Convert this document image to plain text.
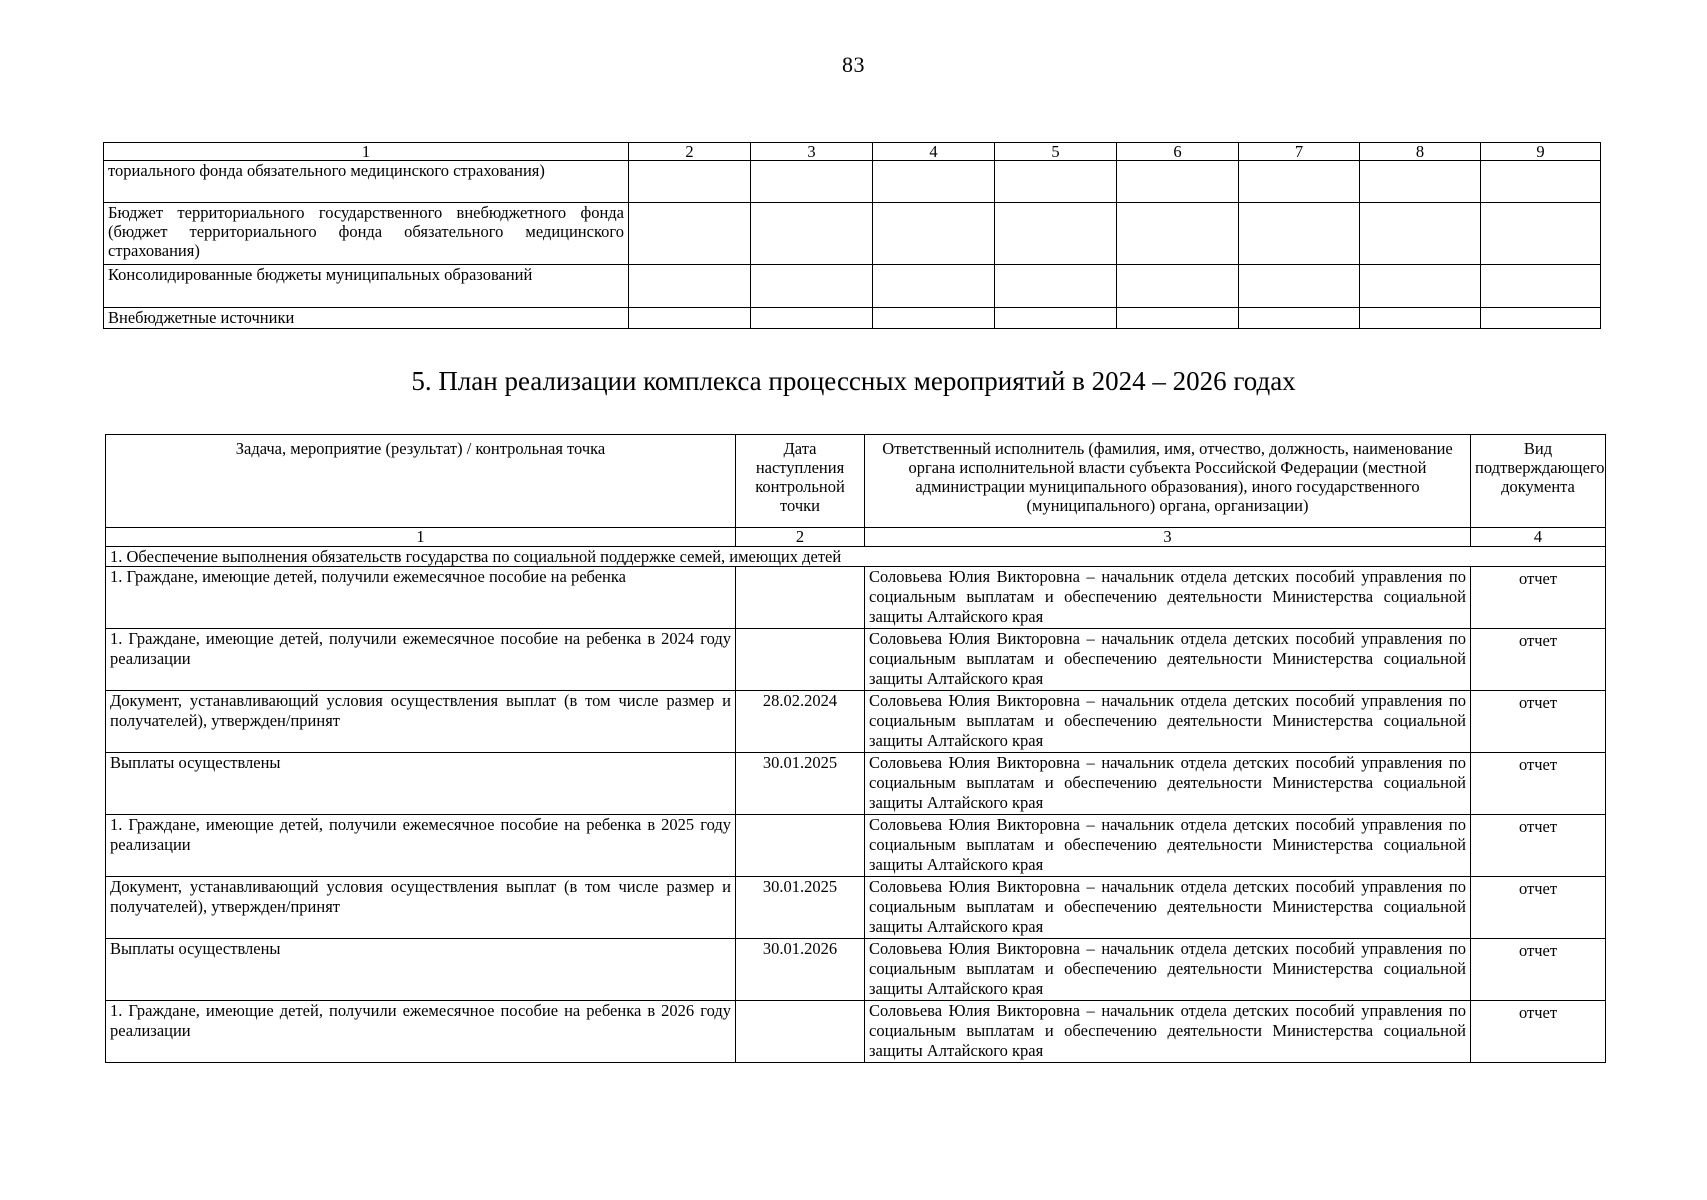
83
1	2	3	4	5	6	7	8	9
ториального фонда обязательного медицинского страхования)								
Бюджет территориального государственного внебюджетного фонда (бюджет территориального фонда обязательного медицинского страхования)								
Консолидированные бюджеты муниципальных образований								
Внебюджетные источники								
5. План реализации комплекса процессных мероприятий в 2024 – 2026 годах
Задача, мероприятие (результат) / контрольная точка	Дата наступления контрольной точки	Ответственный исполнитель (фамилия, имя, отчество, должность, наименование органа исполнительной власти субъекта Российской Федерации (местной администрации муниципального образования), иного государственного (муниципального) органа, организации)	Вид подтверждающего документа
1	2	3	4
1. Обеспечение выполнения обязательств государства по социальной поддержке семей, имеющих детей			
1. Граждане, имеющие детей, получили ежемесячное пособие на ребенка		Соловьева Юлия Викторовна – начальник отдела детских пособий управления по социальным выплатам и обеспечению деятельности Министерства социальной защиты Алтайского края	отчет
1. Граждане, имеющие детей, получили ежемесячное пособие на ребенка в 2024 году реализации		Соловьева Юлия Викторовна – начальник отдела детских пособий управления по социальным выплатам и обеспечению деятельности Министерства социальной защиты Алтайского края	отчет
Документ, устанавливающий условия осуществления выплат (в том числе размер и получателей), утвержден/принят	28.02.2024	Соловьева Юлия Викторовна – начальник отдела детских пособий управления по социальным выплатам и обеспечению деятельности Министерства социальной защиты Алтайского края	отчет
Выплаты осуществлены	30.01.2025	Соловьева Юлия Викторовна – начальник отдела детских пособий управления по социальным выплатам и обеспечению деятельности Министерства социальной защиты Алтайского края	отчет
1. Граждане, имеющие детей, получили ежемесячное пособие на ребенка в 2025 году реализации		Соловьева Юлия Викторовна – начальник отдела детских пособий управления по социальным выплатам и обеспечению деятельности Министерства социальной защиты Алтайского края	отчет
Документ, устанавливающий условия осуществления выплат (в том числе размер и получателей), утвержден/принят	30.01.2025	Соловьева Юлия Викторовна – начальник отдела детских пособий управления по социальным выплатам и обеспечению деятельности Министерства социальной защиты Алтайского края	отчет
Выплаты осуществлены	30.01.2026	Соловьева Юлия Викторовна – начальник отдела детских пособий управления по социальным выплатам и обеспечению деятельности Министерства социальной защиты Алтайского края	отчет
1. Граждане, имеющие детей, получили ежемесячное пособие на ребенка в 2026 году реализации		Соловьева Юлия Викторовна – начальник отдела детских пособий управления по социальным выплатам и обеспечению деятельности Министерства социальной защиты Алтайского края	отчет
